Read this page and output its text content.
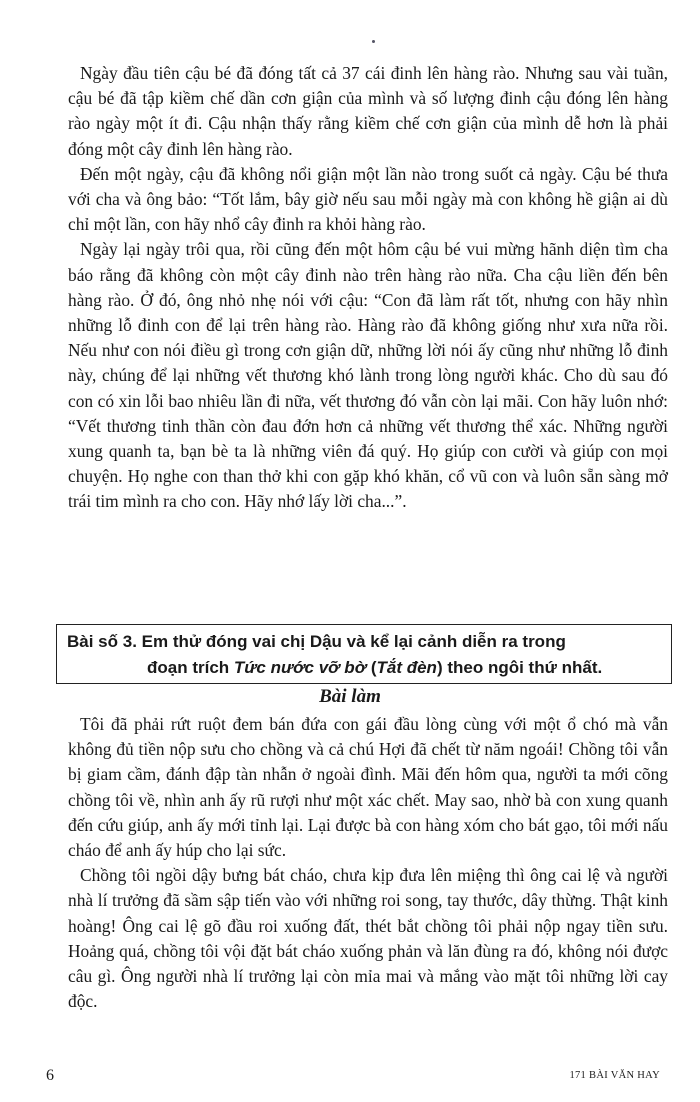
Ngày đầu tiên cậu bé đã đóng tất cả 37 cái đinh lên hàng rào. Nhưng sau vài tuần, cậu bé đã tập kiềm chế dần cơn giận của mình và số lượng đinh cậu đóng lên hàng rào ngày một ít đi. Cậu nhận thấy rằng kiềm chế cơn giận của mình dễ hơn là phải đóng một cây đinh lên hàng rào.

Đến một ngày, cậu đã không nổi giận một lần nào trong suốt cả ngày. Cậu bé thưa với cha và ông bảo: “Tốt lắm, bây giờ nếu sau mỗi ngày mà con không hề giận ai dù chỉ một lần, con hãy nhổ cây đinh ra khỏi hàng rào.

Ngày lại ngày trôi qua, rồi cũng đến một hôm cậu bé vui mừng hãnh diện tìm cha báo rằng đã không còn một cây đinh nào trên hàng rào nữa. Cha cậu liền đến bên hàng rào. Ở đó, ông nhỏ nhẹ nói với cậu: “Con đã làm rất tốt, nhưng con hãy nhìn những lỗ đinh con để lại trên hàng rào. Hàng rào đã không giống như xưa nữa rồi. Nếu như con nói điều gì trong cơn giận dữ, những lời nói ấy cũng như những lỗ đinh này, chúng để lại những vết thương khó lành trong lòng người khác. Cho dù sau đó con có xin lỗi bao nhiêu lần đi nữa, vết thương đó vẫn còn lại mãi. Con hãy luôn nhớ: “Vết thương tinh thần còn đau đớn hơn cả những vết thương thể xác. Những người xung quanh ta, bạn bè ta là những viên đá quý. Họ giúp con cười và giúp con mọi chuyện. Họ nghe con than thở khi con gặp khó khăn, cổ vũ con và luôn sẵn sàng mở trái tim mình ra cho con. Hãy nhớ lấy lời cha...”.

Bài số 3. Em thử đóng vai chị Dậu và kể lại cảnh diễn ra trong
đoạn trích Tức nước vỡ bờ (Tắt đèn) theo ngôi thứ nhất.
Bài làm

Tôi đã phải rứt ruột đem bán đứa con gái đầu lòng cùng với một ổ chó mà vẫn không đủ tiền nộp sưu cho chồng và cả chú Hợi đã chết từ năm ngoái! Chồng tôi vẫn bị giam cầm, đánh đập tàn nhẫn ở ngoài đình. Mãi đến hôm qua, người ta mới cõng chồng tôi về, nhìn anh ấy rũ rượi như một xác chết. May sao, nhờ bà con xung quanh đến cứu giúp, anh ấy mới tỉnh lại. Lại được bà con hàng xóm cho bát gạo, tôi mới nấu cháo để anh ấy húp cho lại sức.

Chồng tôi ngồi dậy bưng bát cháo, chưa kịp đưa lên miệng thì ông cai lệ và người nhà lí trưởng đã sầm sập tiến vào với những roi song, tay thước, dây thừng. Thật kinh hoàng! Ông cai lệ gõ đầu roi xuống đất, thét bắt chồng tôi phải nộp ngay tiền sưu. Hoảng quá, chồng tôi vội đặt bát cháo xuống phản và lăn đùng ra đó, không nói được câu gì. Ông người nhà lí trưởng lại còn mỉa mai và mắng vào mặt tôi những lời cay độc.

6	171 BÀI VĂN HAY
